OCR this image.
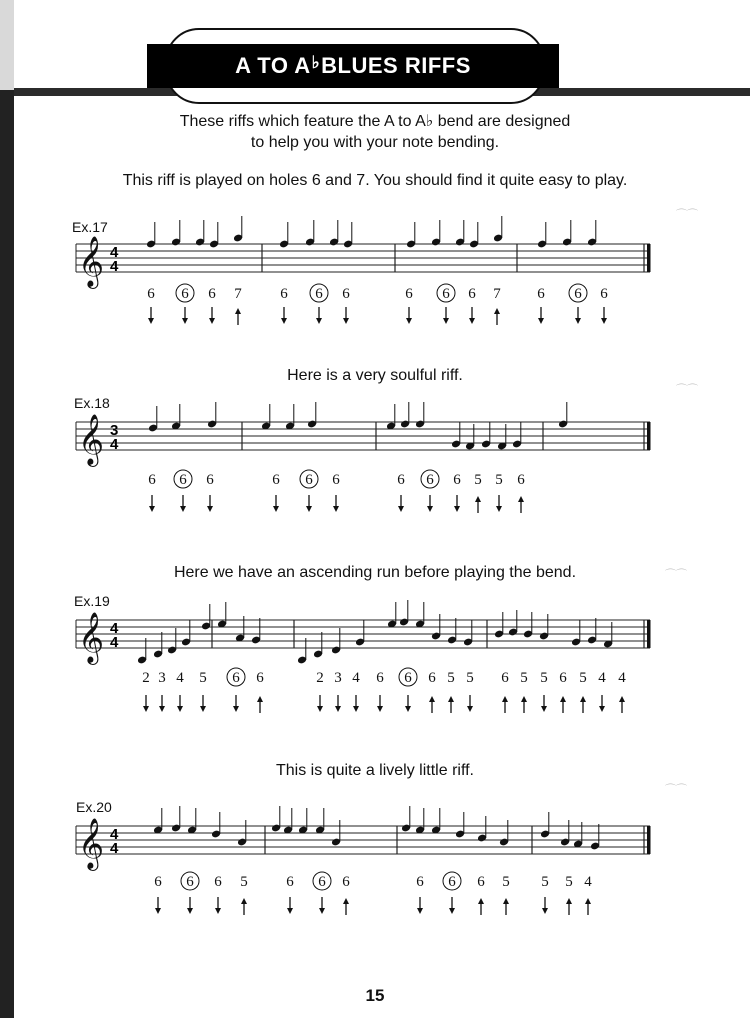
A TO A ♭ BLUES RIFFS
These riffs which feature the A to A♭ bend are designed
to help you with your note bending.
This riff is played on holes 6 and 7. You should find it quite easy to play.
Here is a very soulful riff.
Here we have an ascending run before playing the bend.
This is quite a lively little riff.
Ex.17
Ex.18
Ex.19
Ex.20
𝄞 4
4
6 6 6 7	6 6 6	6 6 6 7 6 6 6
𝄞 3
4
6 6 6	6 6 6	6 6 6 5 5 6
𝄞 4
4
2 3 4 5 6 6	2 3 4 6 6 6 5 5 6 5 5 6 5 4 4
𝄞 4
4
6 6 6 5	6 6 6	6 6 6 5 5 5 4
⌒⌒
⌒⌒
⌒⌒
⌒⌒
15
